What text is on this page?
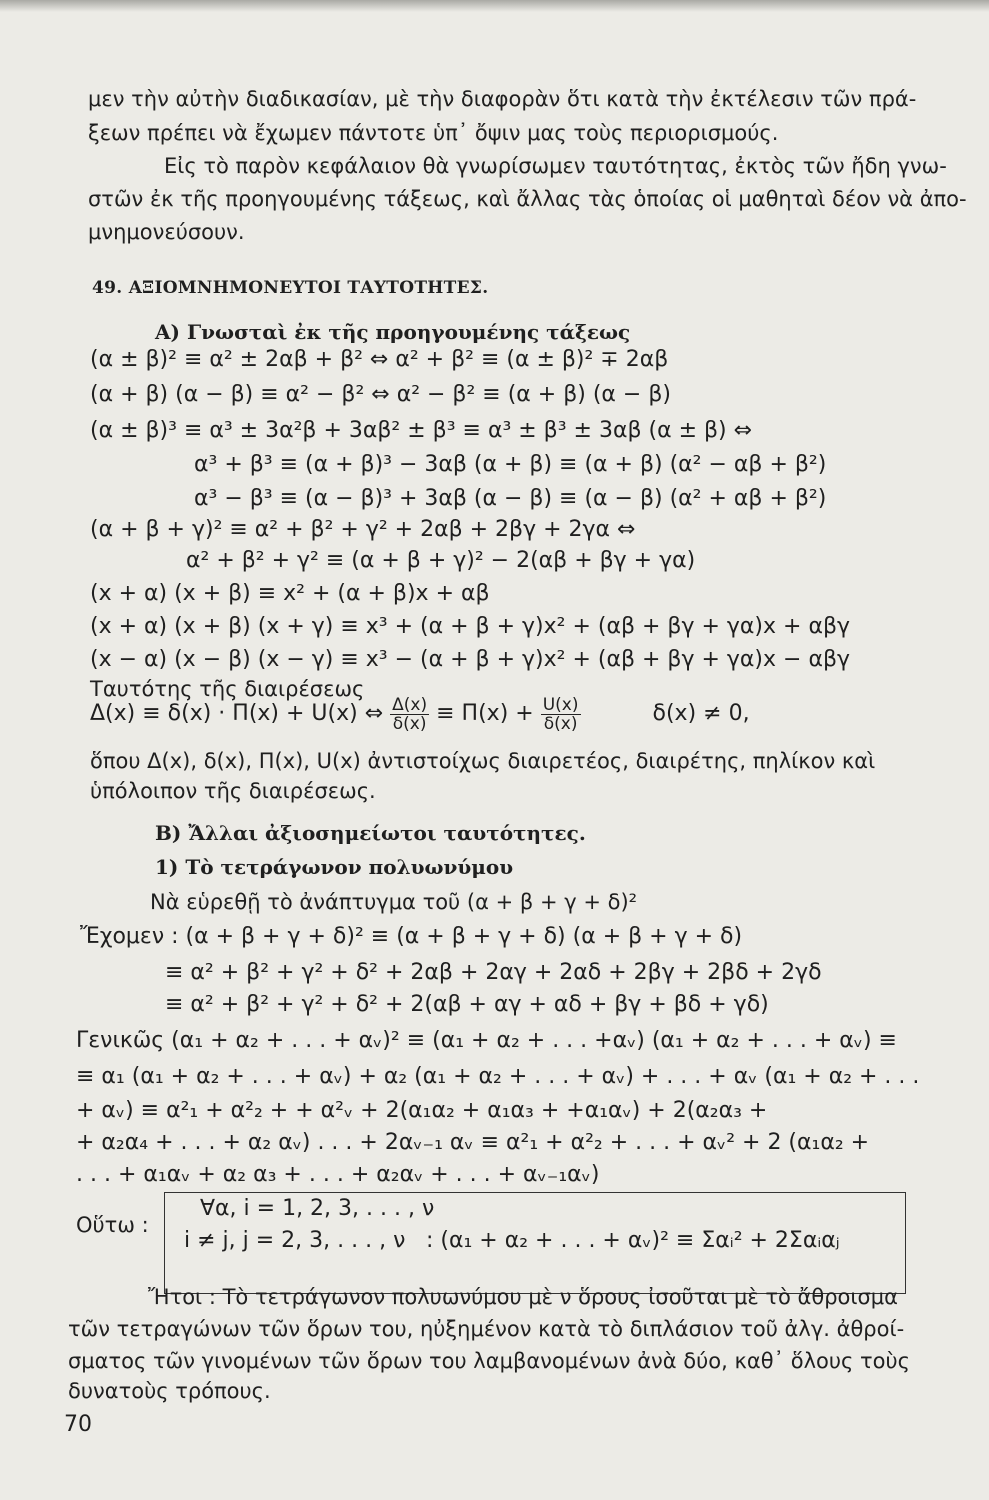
μεν τὴν αὐτὴν διαδικασίαν, μὲ τὴν διαφορὰν ὅτι κατὰ τὴν ἐκτέλεσιν τῶν πρά-
ξεων πρέπει νὰ ἔχωμεν πάντοτε ὑπ᾽ ὄψιν μας τοὺς περιορισμούς.
Εἰς τὸ παρὸν κεφάλαιον θὰ γνωρίσωμεν ταυτότητας, ἐκτὸς τῶν ἤδη γνω-
στῶν ἐκ τῆς προηγουμένης τάξεως, καὶ ἄλλας τὰς ὁποίας οἱ μαθηταὶ δέον νὰ ἀπο-
μνημονεύσουν.
49. ΑΞΙΟΜΝΗΜΟΝΕΥΤΟΙ ΤΑΥΤΟΤΗΤΕΣ.
Α) Γνωσταὶ ἐκ τῆς προηγουμένης τάξεως
(α ± β)² ≡ α² ± 2αβ + β² ⇔ α² + β² ≡ (α ± β)² ∓ 2αβ
(α + β) (α − β) ≡ α² − β² ⇔ α² − β² ≡ (α + β) (α − β)
(α ± β)³ ≡ α³ ± 3α²β + 3αβ² ± β³ ≡ α³ ± β³ ± 3αβ (α ± β) ⇔
α³ + β³ ≡ (α + β)³ − 3αβ (α + β) ≡ (α + β) (α² − αβ + β²)
α³ − β³ ≡ (α − β)³ + 3αβ (α − β) ≡ (α − β) (α² + αβ + β²)
(α + β + γ)² ≡ α² + β² + γ² + 2αβ + 2βγ + 2γα ⇔
α² + β² + γ² ≡ (α + β + γ)² − 2(αβ + βγ + γα)
(x + α) (x + β) ≡ x² + (α + β)x + αβ
(x + α) (x + β) (x + γ) ≡ x³ + (α + β + γ)x² + (αβ + βγ + γα)x + αβγ
(x − α) (x − β) (x − γ) ≡ x³ − (α + β + γ)x² + (αβ + βγ + γα)x − αβγ
Ταυτότης τῆς διαιρέσεως
Δ(x) ≡ δ(x) · Π(x) + U(x) ⇔ $\frac{\Delta(x)}{\delta(x)} \equiv \Pi(x) + \frac{U(x)}{\delta(x)}$	δ(x) ≠ 0,
ὅπου Δ(x), δ(x), Π(x), U(x) ἀντιστοίχως διαιρετέος, διαιρέτης, πηλίκον καὶ
ὑπόλοιπον τῆς διαιρέσεως.
Β) Ἄλλαι ἀξιοσημείωτοι ταυτότητες.
1) Τὸ τετράγωνον πολυωνύμου
Νὰ εὑρεθῇ τὸ ἀνάπτυγμα τοῦ (α + β + γ + δ)²
Ἔχομεν : (α + β + γ + δ)² ≡ (α + β + γ + δ) (α + β + γ + δ)
≡ α² + β² + γ² + δ² + 2αβ + 2αγ + 2αδ + 2βγ + 2βδ + 2γδ
≡ α² + β² + γ² + δ² + 2(αβ + αγ + αδ + βγ + βδ + γδ)
Γενικῶς (α₁ + α₂ + . . . + αᵥ)² ≡ (α₁ + α₂ + . . . +αᵥ) (α₁ + α₂ + . . . + αᵥ) ≡
≡ α₁ (α₁ + α₂ + . . . + αᵥ) + α₂ (α₁ + α₂ + . . . + αᵥ) + . . . + αᵥ (α₁ + α₂ + . . .
+ αᵥ) ≡ α²₁ + α²₂ + + α²ᵥ + 2(α₁α₂ + α₁α₃ + +α₁αᵥ) + 2(α₂α₃ +
+ α₂α₄ + . . . + α₂ αᵥ) . . . + 2αᵥ₋₁ αᵥ ≡ α²₁ + α²₂ + . . . + αᵥ² + 2 (α₁α₂ +
. . . + α₁αᵥ + α₂ α₃ + . . . + α₂αᵥ + . . . + αᵥ₋₁αᵥ)
Οὕτω :
∀α, i = 1, 2, 3, . . . , ν
i ≠ j, j = 2, 3, . . . , ν : (α₁ + α₂ + . . . + αᵥ)² ≡ Σαᵢ² + 2Σαᵢαⱼ
Ἤτοι : Τὸ τετράγωνον πολυωνύμου μὲ ν ὅρους ἰσοῦται μὲ τὸ ἄθροισμα
τῶν τετραγώνων τῶν ὅρων του, ηὐξημένον κατὰ τὸ διπλάσιον τοῦ ἀλγ. ἀθροί-
σματος τῶν γινομένων τῶν ὅρων του λαμβανομένων ἀνὰ δύο, καθ᾽ ὅλους τοὺς
δυνατοὺς τρόπους.
70
